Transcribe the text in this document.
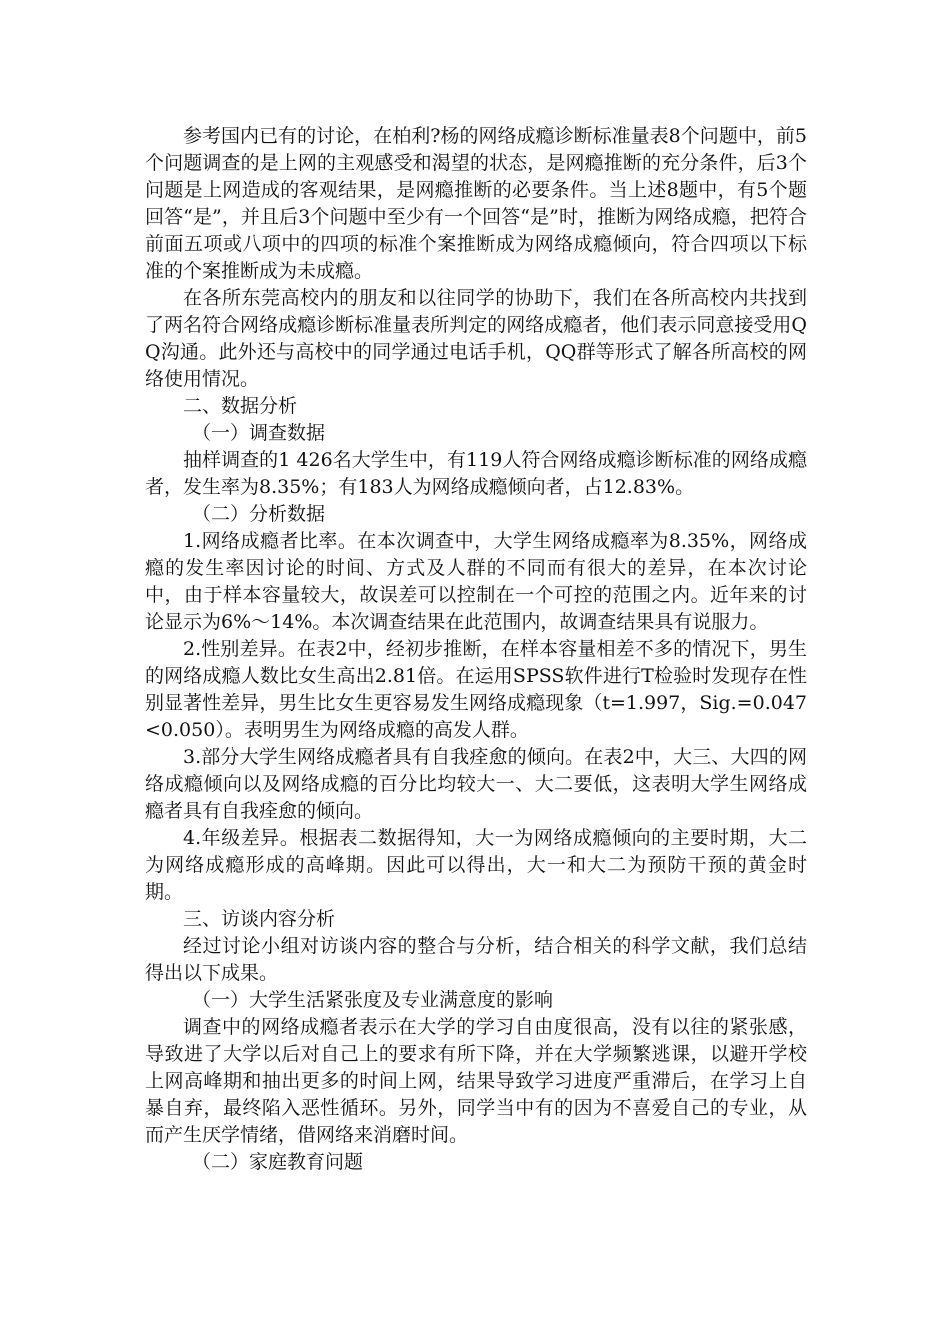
参考国内已有的讨论，在柏利?杨的网络成瘾诊断标准量表8个问题中，前5个问题调查的是上网的主观感受和渴望的状态，是网瘾推断的充分条件，后3个问题是上网造成的客观结果，是网瘾推断的必要条件。当上述8题中，有5个题回答“是”，并且后3个问题中至少有一个回答“是”时，推断为网络成瘾，把符合前面五项或八项中的四项的标准个案推断成为网络成瘾倾向，符合四项以下标准的个案推断成为未成瘾。

在各所东莞高校内的朋友和以往同学的协助下，我们在各所高校内共找到了两名符合网络成瘾诊断标准量表所判定的网络成瘾者，他们表示同意接受用QQ沟通。此外还与高校中的同学通过电话手机，QQ群等形式了解各所高校的网络使用情况。

二、数据分析

（一）调查数据

抽样调查的1 426名大学生中，有119人符合网络成瘾诊断标准的网络成瘾者，发生率为8.35%；有183人为网络成瘾倾向者，占12.83%。

（二）分析数据

1.网络成瘾者比率。在本次调查中，大学生网络成瘾率为8.35%，网络成瘾的发生率因讨论的时间、方式及人群的不同而有很大的差异，在本次讨论中，由于样本容量较大，故误差可以控制在一个可控的范围之内。近年来的讨论显示为6%～14%。本次调查结果在此范围内，故调查结果具有说服力。

2.性别差异。在表2中，经初步推断，在样本容量相差不多的情况下，男生的网络成瘾人数比女生高出2.81倍。在运用SPSS软件进行T检验时发现存在性别显著性差异，男生比女生更容易发生网络成瘾现象（t=1.997，Sig.=0.047<0.050）。表明男生为网络成瘾的高发人群。

3.部分大学生网络成瘾者具有自我痊愈的倾向。在表2中，大三、大四的网络成瘾倾向以及网络成瘾的百分比均较大一、大二要低，这表明大学生网络成瘾者具有自我痊愈的倾向。

4.年级差异。根据表二数据得知，大一为网络成瘾倾向的主要时期，大二为网络成瘾形成的高峰期。因此可以得出，大一和大二为预防干预的黄金时期。

三、访谈内容分析

经过讨论小组对访谈内容的整合与分析，结合相关的科学文献，我们总结得出以下成果。

（一）大学生活紧张度及专业满意度的影响

调查中的网络成瘾者表示在大学的学习自由度很高，没有以往的紧张感，导致进了大学以后对自己上的要求有所下降，并在大学频繁逃课，以避开学校上网高峰期和抽出更多的时间上网，结果导致学习进度严重滞后，在学习上自暴自弃，最终陷入恶性循环。另外，同学当中有的因为不喜爱自己的专业，从而产生厌学情绪，借网络来消磨时间。

（二）家庭教育问题
